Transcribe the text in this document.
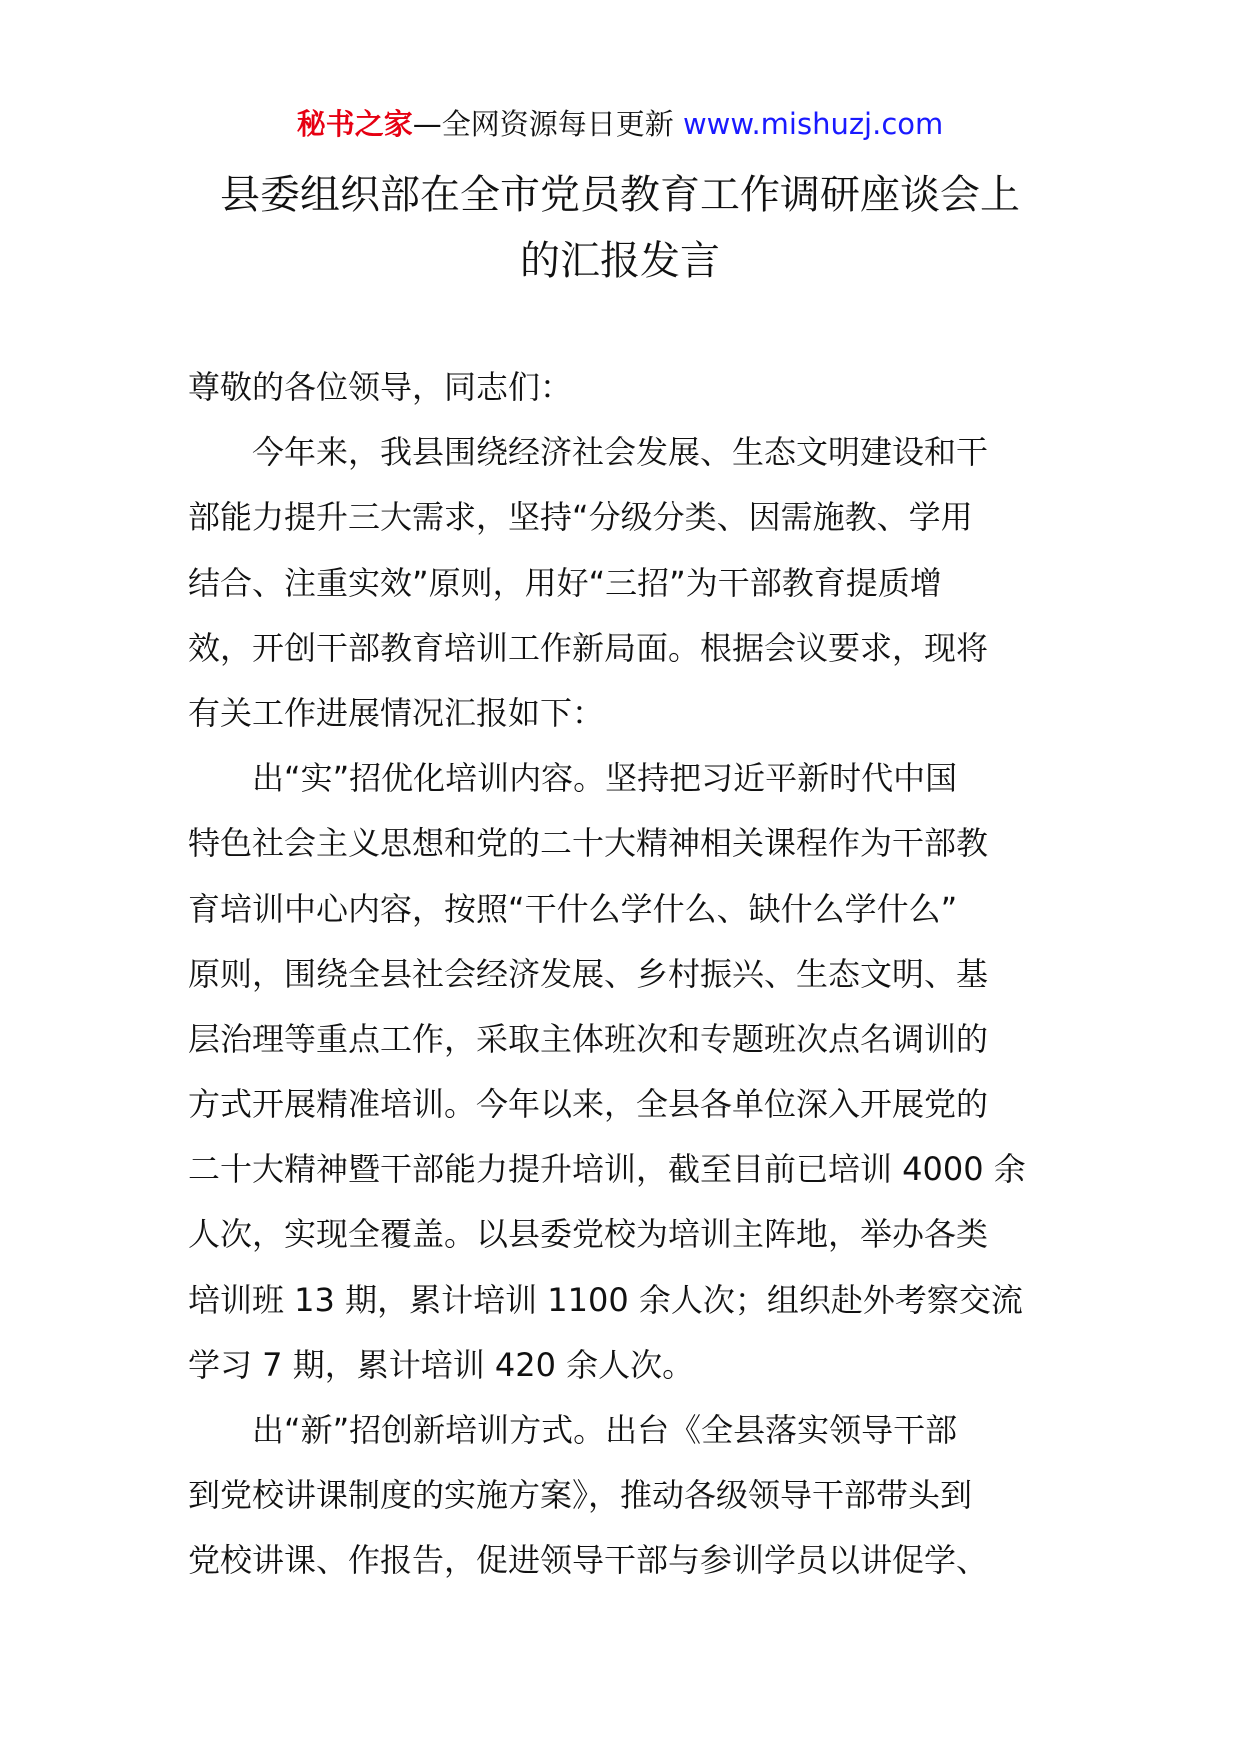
秘书之家—全网资源每日更新 www.mishuzj.com
县委组织部在全市党员教育工作调研座谈会上
的汇报发言
尊敬的各位领导，同志们：
今年来，我县围绕经济社会发展、生态文明建设和干
部能力提升三大需求，坚持“分级分类、因需施教、学用
结合、注重实效”原则，用好“三招”为干部教育提质增
效，开创干部教育培训工作新局面。根据会议要求，现将
有关工作进展情况汇报如下：
出“实”招优化培训内容。坚持把习近平新时代中国
特色社会主义思想和党的二十大精神相关课程作为干部教
育培训中心内容，按照“干什么学什么、缺什么学什么”
原则，围绕全县社会经济发展、乡村振兴、生态文明、基
层治理等重点工作，采取主体班次和专题班次点名调训的
方式开展精准培训。今年以来，全县各单位深入开展党的
二十大精神暨干部能力提升培训，截至目前已培训 4000 余
人次，实现全覆盖。以县委党校为培训主阵地，举办各类
培训班 13 期，累计培训 1100 余人次；组织赴外考察交流
学习 7 期，累计培训 420 余人次。
出“新”招创新培训方式。出台《全县落实领导干部
到党校讲课制度的实施方案》，推动各级领导干部带头到
党校讲课、作报告，促进领导干部与参训学员以讲促学、
